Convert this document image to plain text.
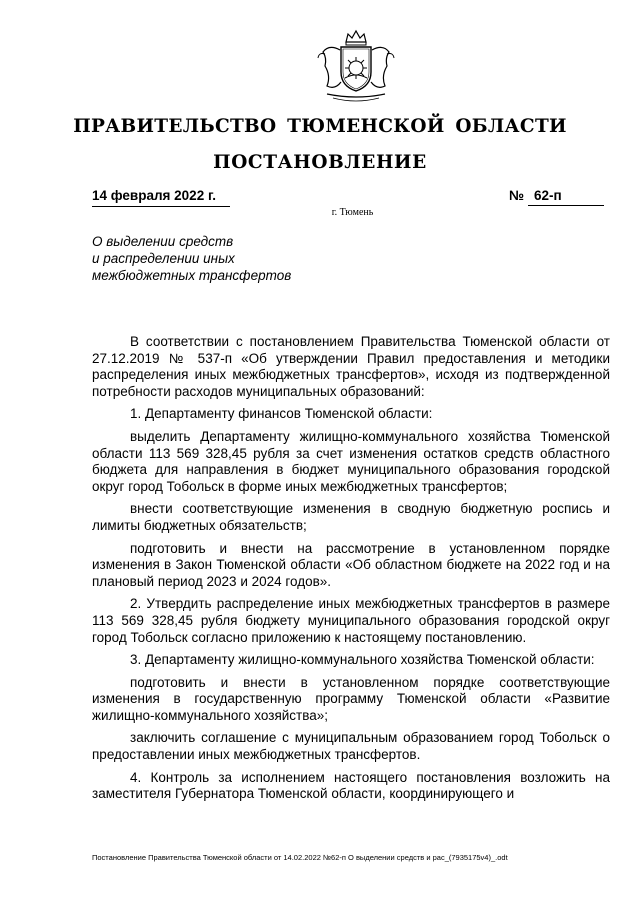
ПРАВИТЕЛЬСТВО ТЮМЕНСКОЙ ОБЛАСТИ
ПОСТАНОВЛЕНИЕ
14 февраля 2022 г.	№ 62-п
г. Тюмень
О выделении средств
и распределении иных
межбюджетных трансфертов

В соответствии с постановлением Правительства Тюменской области от 27.12.2019 № 537-п «Об утверждении Правил предоставления и методики распределения иных межбюджетных трансфертов», исходя из подтвержденной потребности расходов муниципальных образований:

1. Департаменту финансов Тюменской области:

выделить Департаменту жилищно-коммунального хозяйства Тюменской области 113 569 328,45 рубля за счет изменения остатков средств областного бюджета для направления в бюджет муниципального образования городской округ город Тобольск в форме иных межбюджетных трансфертов;

внести соответствующие изменения в сводную бюджетную роспись и лимиты бюджетных обязательств;

подготовить и внести на рассмотрение в установленном порядке изменения в Закон Тюменской области «Об областном бюджете на 2022 год и на плановый период 2023 и 2024 годов».

2. Утвердить распределение иных межбюджетных трансфертов в размере 113 569 328,45 рубля бюджету муниципального образования городской округ город Тобольск согласно приложению к настоящему постановлению.

3. Департаменту жилищно-коммунального хозяйства Тюменской области:

подготовить и внести в установленном порядке соответствующие изменения в государственную программу Тюменской области «Развитие жилищно-коммунального хозяйства»;

заключить соглашение с муниципальным образованием город Тобольск о предоставлении иных межбюджетных трансфертов.

4. Контроль за исполнением настоящего постановления возложить на заместителя Губернатора Тюменской области, координирующего и

Постановление Правительства Тюменской области от 14.02.2022 №62-п О выделении средств и рас_(7935175v4)_.odt
